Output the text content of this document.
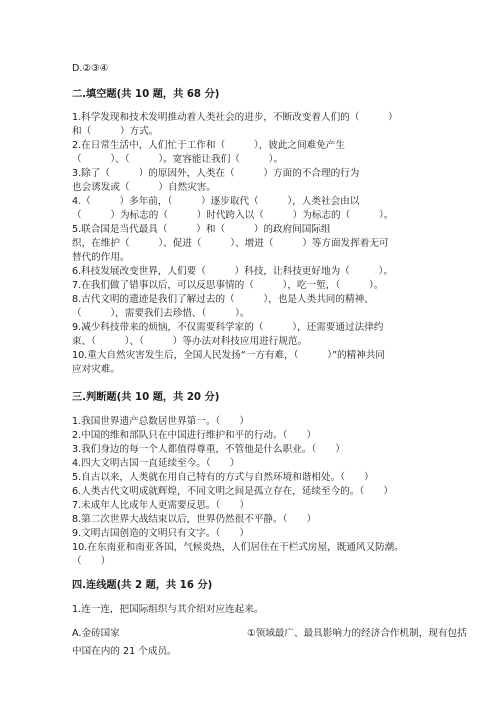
D.②③④
二.填空题(共 10 题，共 68 分)
1.科学发现和技术发明推动着人类社会的进步，不断改变着人们的（　　　）
和（　　　）方式。
2.在日常生活中，人们忙于工作和（　　　），彼此之间难免产生
（　　　）、（　　　）。宽容能让我们（　　　）。
3.除了（　　　）的原因外，人类在（　　　）方面的不合理的行为
也会诱发或（　　　）自然灾害。
4.（　　　）多年前，（　　　）逐步取代（　　　），人类社会由以
（　　　）为标志的（　　　）时代跨入以（　　　）为标志的（　　　）。
5.联合国是当代最具（　　　）和（　　　）的政府间国际组
织，在维护（　　　）、促进（　　　）、增进（　　　）等方面发挥着无可
替代的作用。
6.科技发展改变世界，人们要（　　　）科技，让科技更好地为（　　　）。
7.在我们做了错事以后，可以反思事情的（　　　），吃一堑，（　　　）。
8.古代文明的遗迹是我们了解过去的（　　　），也是人类共同的精神、
（　　　），需要我们去珍惜、（　　　）。
9.减少科技带来的烦恼，不仅需要科学家的（　　　），还需要通过法律约
束、（　　　）、（　　　）等办法对科技应用进行规范。
10.重大自然灾害发生后，全国人民发扬“一方有难，（　　　）”的精神共同
应对灾难。
三.判断题(共 10 题，共 20 分)
1.我国世界遗产总数居世界第一。（　　）
2.中国的维和部队只在中国进行维护和平的行动。（　　）
3.我们身边的每一个人都值得尊重，不管他是什么职业。（　　）
4.四大文明古国一直延续至今。（　　）
5.自古以来，人类就在用自己特有的方式与自然环境和谐相处。（　　）
6.人类古代文明成就辉煌，不同文明之间是孤立存在，延续至今的。（　　）
7.未成年人比成年人更需要反思。（　　）
8.第二次世界大战结束以后，世界仍然很不平静。（　　）
9.文明古国创造的文明只有文字。（　　）
10.在东南亚和南亚各国，气候炎热，人们居住在干栏式房屋，既通风又防潮。
（　　）
四.连线题(共 2 题，共 16 分)
1.连一连，把国际组织与其介绍对应连起来。
A.金砖国家	①领域最广、最具影响力的经济合作机制，现有包括
中国在内的 21 个成员。
